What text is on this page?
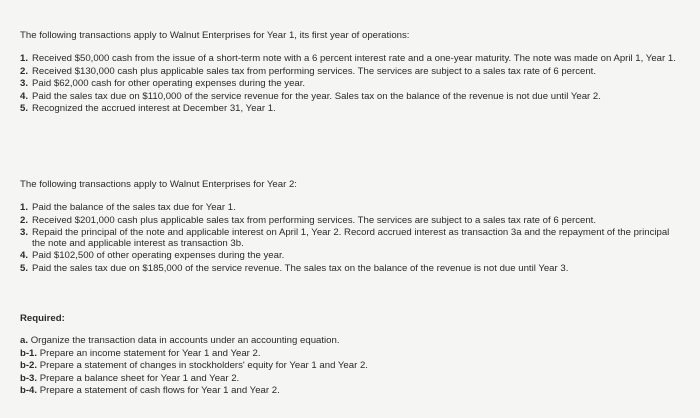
The following transactions apply to Walnut Enterprises for Year 1, its first year of operations:
1. Received $50,000 cash from the issue of a short-term note with a 6 percent interest rate and a one-year maturity. The note was made on April 1, Year 1.
2. Received $130,000 cash plus applicable sales tax from performing services. The services are subject to a sales tax rate of 6 percent.
3. Paid $62,000 cash for other operating expenses during the year.
4. Paid the sales tax due on $110,000 of the service revenue for the year. Sales tax on the balance of the revenue is not due until Year 2.
5. Recognized the accrued interest at December 31, Year 1.
The following transactions apply to Walnut Enterprises for Year 2:
1. Paid the balance of the sales tax due for Year 1.
2. Received $201,000 cash plus applicable sales tax from performing services. The services are subject to a sales tax rate of 6 percent.
3. Repaid the principal of the note and applicable interest on April 1, Year 2. Record accrued interest as transaction 3a and the repayment of the principal the note and applicable interest as transaction 3b.
4. Paid $102,500 of other operating expenses during the year.
5. Paid the sales tax due on $185,000 of the service revenue. The sales tax on the balance of the revenue is not due until Year 3.
Required:
a. Organize the transaction data in accounts under an accounting equation.
b-1. Prepare an income statement for Year 1 and Year 2.
b-2. Prepare a statement of changes in stockholders' equity for Year 1 and Year 2.
b-3. Prepare a balance sheet for Year 1 and Year 2.
b-4. Prepare a statement of cash flows for Year 1 and Year 2.
